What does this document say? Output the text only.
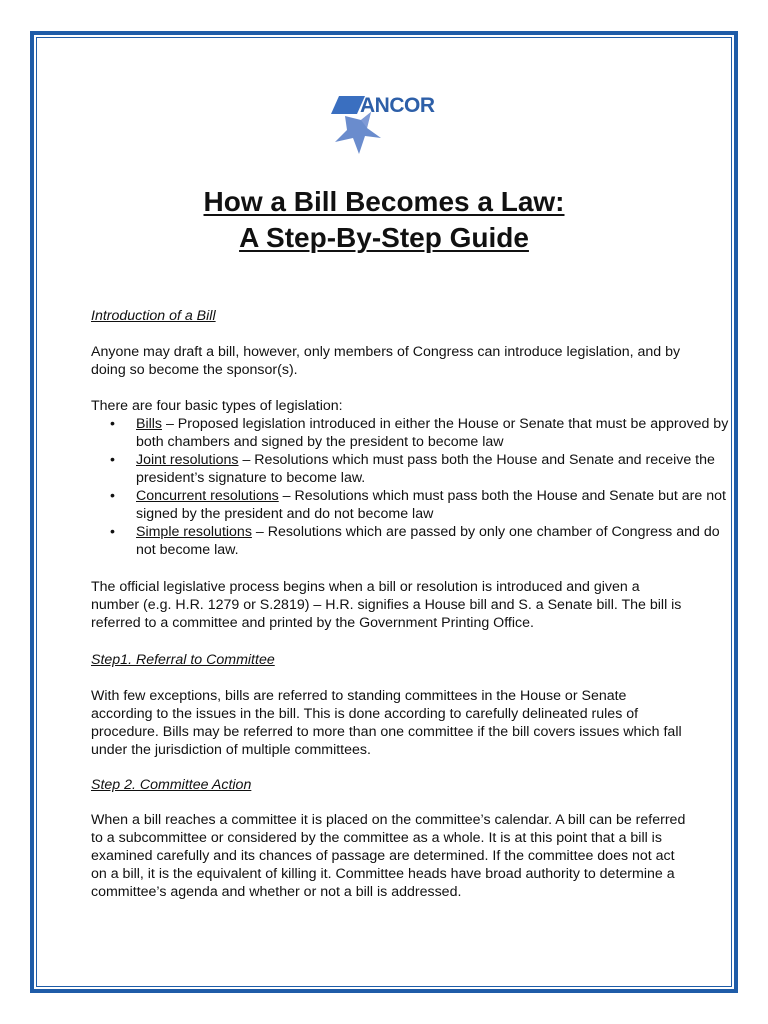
ANCOR
How a Bill Becomes a Law:
A Step-By-Step Guide

Introduction of a Bill

Anyone may draft a bill, however, only members of Congress can introduce legislation, and by doing so become the sponsor(s).

There are four basic types of legislation:

• Bills – Proposed legislation introduced in either the House or Senate that must be approved by both chambers and signed by the president to become law
• Joint resolutions – Resolutions which must pass both the House and Senate and receive the president’s signature to become law.
• Concurrent resolutions – Resolutions which must pass both the House and Senate but are not signed by the president and do not become law
• Simple resolutions – Resolutions which are passed by only one chamber of Congress and do not become law.

The official legislative process begins when a bill or resolution is introduced and given a number (e.g. H.R. 1279 or S.2819) – H.R. signifies a House bill and S. a Senate bill. The bill is referred to a committee and printed by the Government Printing Office.

Step1. Referral to Committee

With few exceptions, bills are referred to standing committees in the House or Senate according to the issues in the bill. This is done according to carefully delineated rules of procedure. Bills may be referred to more than one committee if the bill covers issues which fall under the jurisdiction of multiple committees.

Step 2. Committee Action

When a bill reaches a committee it is placed on the committee’s calendar. A bill can be referred to a subcommittee or considered by the committee as a whole. It is at this point that a bill is examined carefully and its chances of passage are determined. If the committee does not act on a bill, it is the equivalent of killing it. Committee heads have broad authority to determine a committee’s agenda and whether or not a bill is addressed.
